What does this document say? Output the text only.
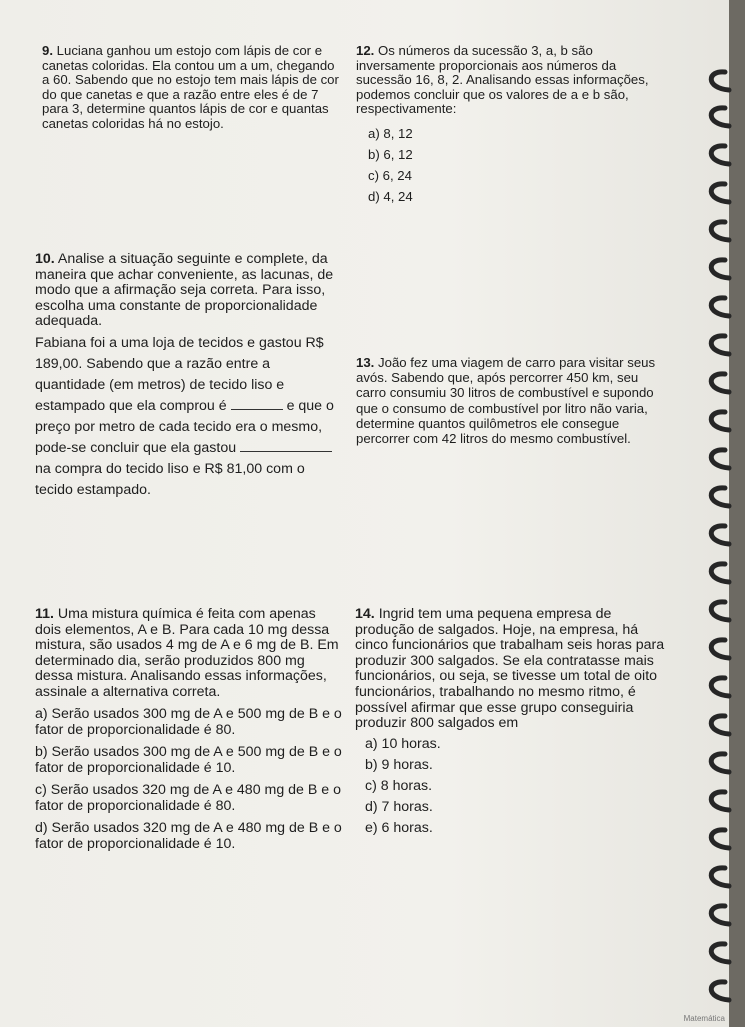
9. Luciana ganhou um estojo com lápis de cor e canetas coloridas. Ela contou um a um, chegando a 60. Sabendo que no estojo tem mais lápis de cor do que canetas e que a razão entre eles é de 7 para 3, determine quantos lápis de cor e quantas canetas coloridas há no estojo.

12. Os números da sucessão 3, a, b são inversamente proporcionais aos números da sucessão 16, 8, 2. Analisando essas informações, podemos concluir que os valores de a e b são, respectivamente:

a) 8, 12

b) 6, 12

c) 6, 24

d) 4, 24

10. Analise a situação seguinte e complete, da maneira que achar conveniente, as lacunas, de modo que a afirmação seja correta. Para isso, escolha uma constante de proporcionalidade adequada.

Fabiana foi a uma loja de tecidos e gastou R$ 189,00. Sabendo que a razão entre a quantidade (em metros) de tecido liso e estampado que ela comprou é	e que o preço por metro de cada tecido era o mesmo, pode-se concluir que ela gastou  na compra do tecido liso e R$ 81,00 com o tecido estampado.

13. João fez uma viagem de carro para visitar seus avós. Sabendo que, após percorrer 450 km, seu carro consumiu 30 litros de combustível e supondo que o consumo de combustível por litro não varia, determine quantos quilômetros ele consegue percorrer com 42 litros do mesmo combustível.

11. Uma mistura química é feita com apenas dois elementos, A e B. Para cada 10 mg dessa mistura, são usados 4 mg de A e 6 mg de B. Em determinado dia, serão produzidos 800 mg dessa mistura. Analisando essas informações, assinale a alternativa correta.

a) Serão usados 300 mg de A e 500 mg de B e o fator de proporcionalidade é 80.

b) Serão usados 300 mg de A e 500 mg de B e o fator de proporcionalidade é 10.

c) Serão usados 320 mg de A e 480 mg de B e o fator de proporcionalidade é 80.

d) Serão usados 320 mg de A e 480 mg de B e o fator de proporcionalidade é 10.

14. Ingrid tem uma pequena empresa de produção de salgados. Hoje, na empresa, há cinco funcionários que trabalham seis horas para produzir 300 salgados. Se ela contratasse mais funcionários, ou seja, se tivesse um total de oito funcionários, trabalhando no mesmo ritmo, é possível afirmar que esse grupo conseguiria produzir 800 salgados em

a) 10 horas.

b) 9 horas.

c) 8 horas.

d) 7 horas.

e) 6 horas.

Matemática
